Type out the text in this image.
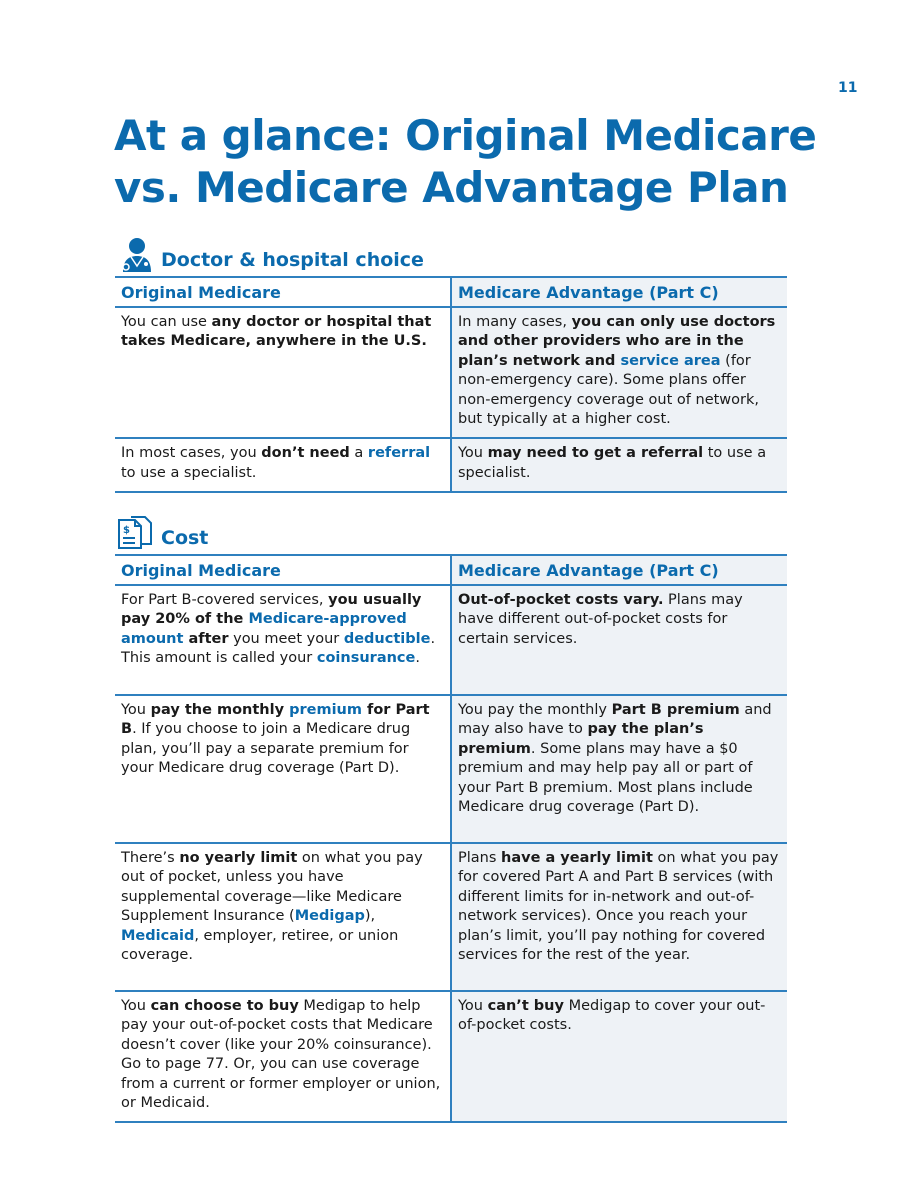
11
At a glance: Original Medicare
vs. Medicare Advantage Plan
Doctor & hospital choice
Original Medicare	Medicare Advantage (Part C)
You can use any doctor or hospital that takes Medicare, anywhere in the U.S.	In many cases, you can only use doctors and other providers who are in the plan’s network and service area (for non-emergency care). Some plans offer non-emergency coverage out of network, but typically at a higher cost.
In most cases, you don’t need a referral to use a specialist.	You may need to get a referral to use a specialist.
$ Cost
Original Medicare	Medicare Advantage (Part C)
For Part B-covered services, you usually pay 20% of the Medicare-approved amount after you meet your deductible. This amount is called your coinsurance.	Out-of-pocket costs vary. Plans may have different out-of-pocket costs for certain services.
You pay the monthly premium for Part B. If you choose to join a Medicare drug plan, you’ll pay a separate premium for your Medicare drug coverage (Part D).	You pay the monthly Part B premium and may also have to pay the plan’s premium. Some plans may have a $0 premium and may help pay all or part of your Part B premium. Most plans include Medicare drug coverage (Part D).
There’s no yearly limit on what you pay out of pocket, unless you have supplemental coverage—like Medicare Supplement Insurance (Medigap), Medicaid, employer, retiree, or union coverage.	Plans have a yearly limit on what you pay for covered Part A and Part B services (with different limits for in-network and out-of-network services). Once you reach your plan’s limit, you’ll pay nothing for covered services for the rest of the year.
You can choose to buy Medigap to help pay your out-of-pocket costs that Medicare doesn’t cover (like your 20% coinsurance). Go to page 77. Or, you can use coverage from a current or former employer or union, or Medicaid.	You can’t buy Medigap to cover your out-of-pocket costs.
